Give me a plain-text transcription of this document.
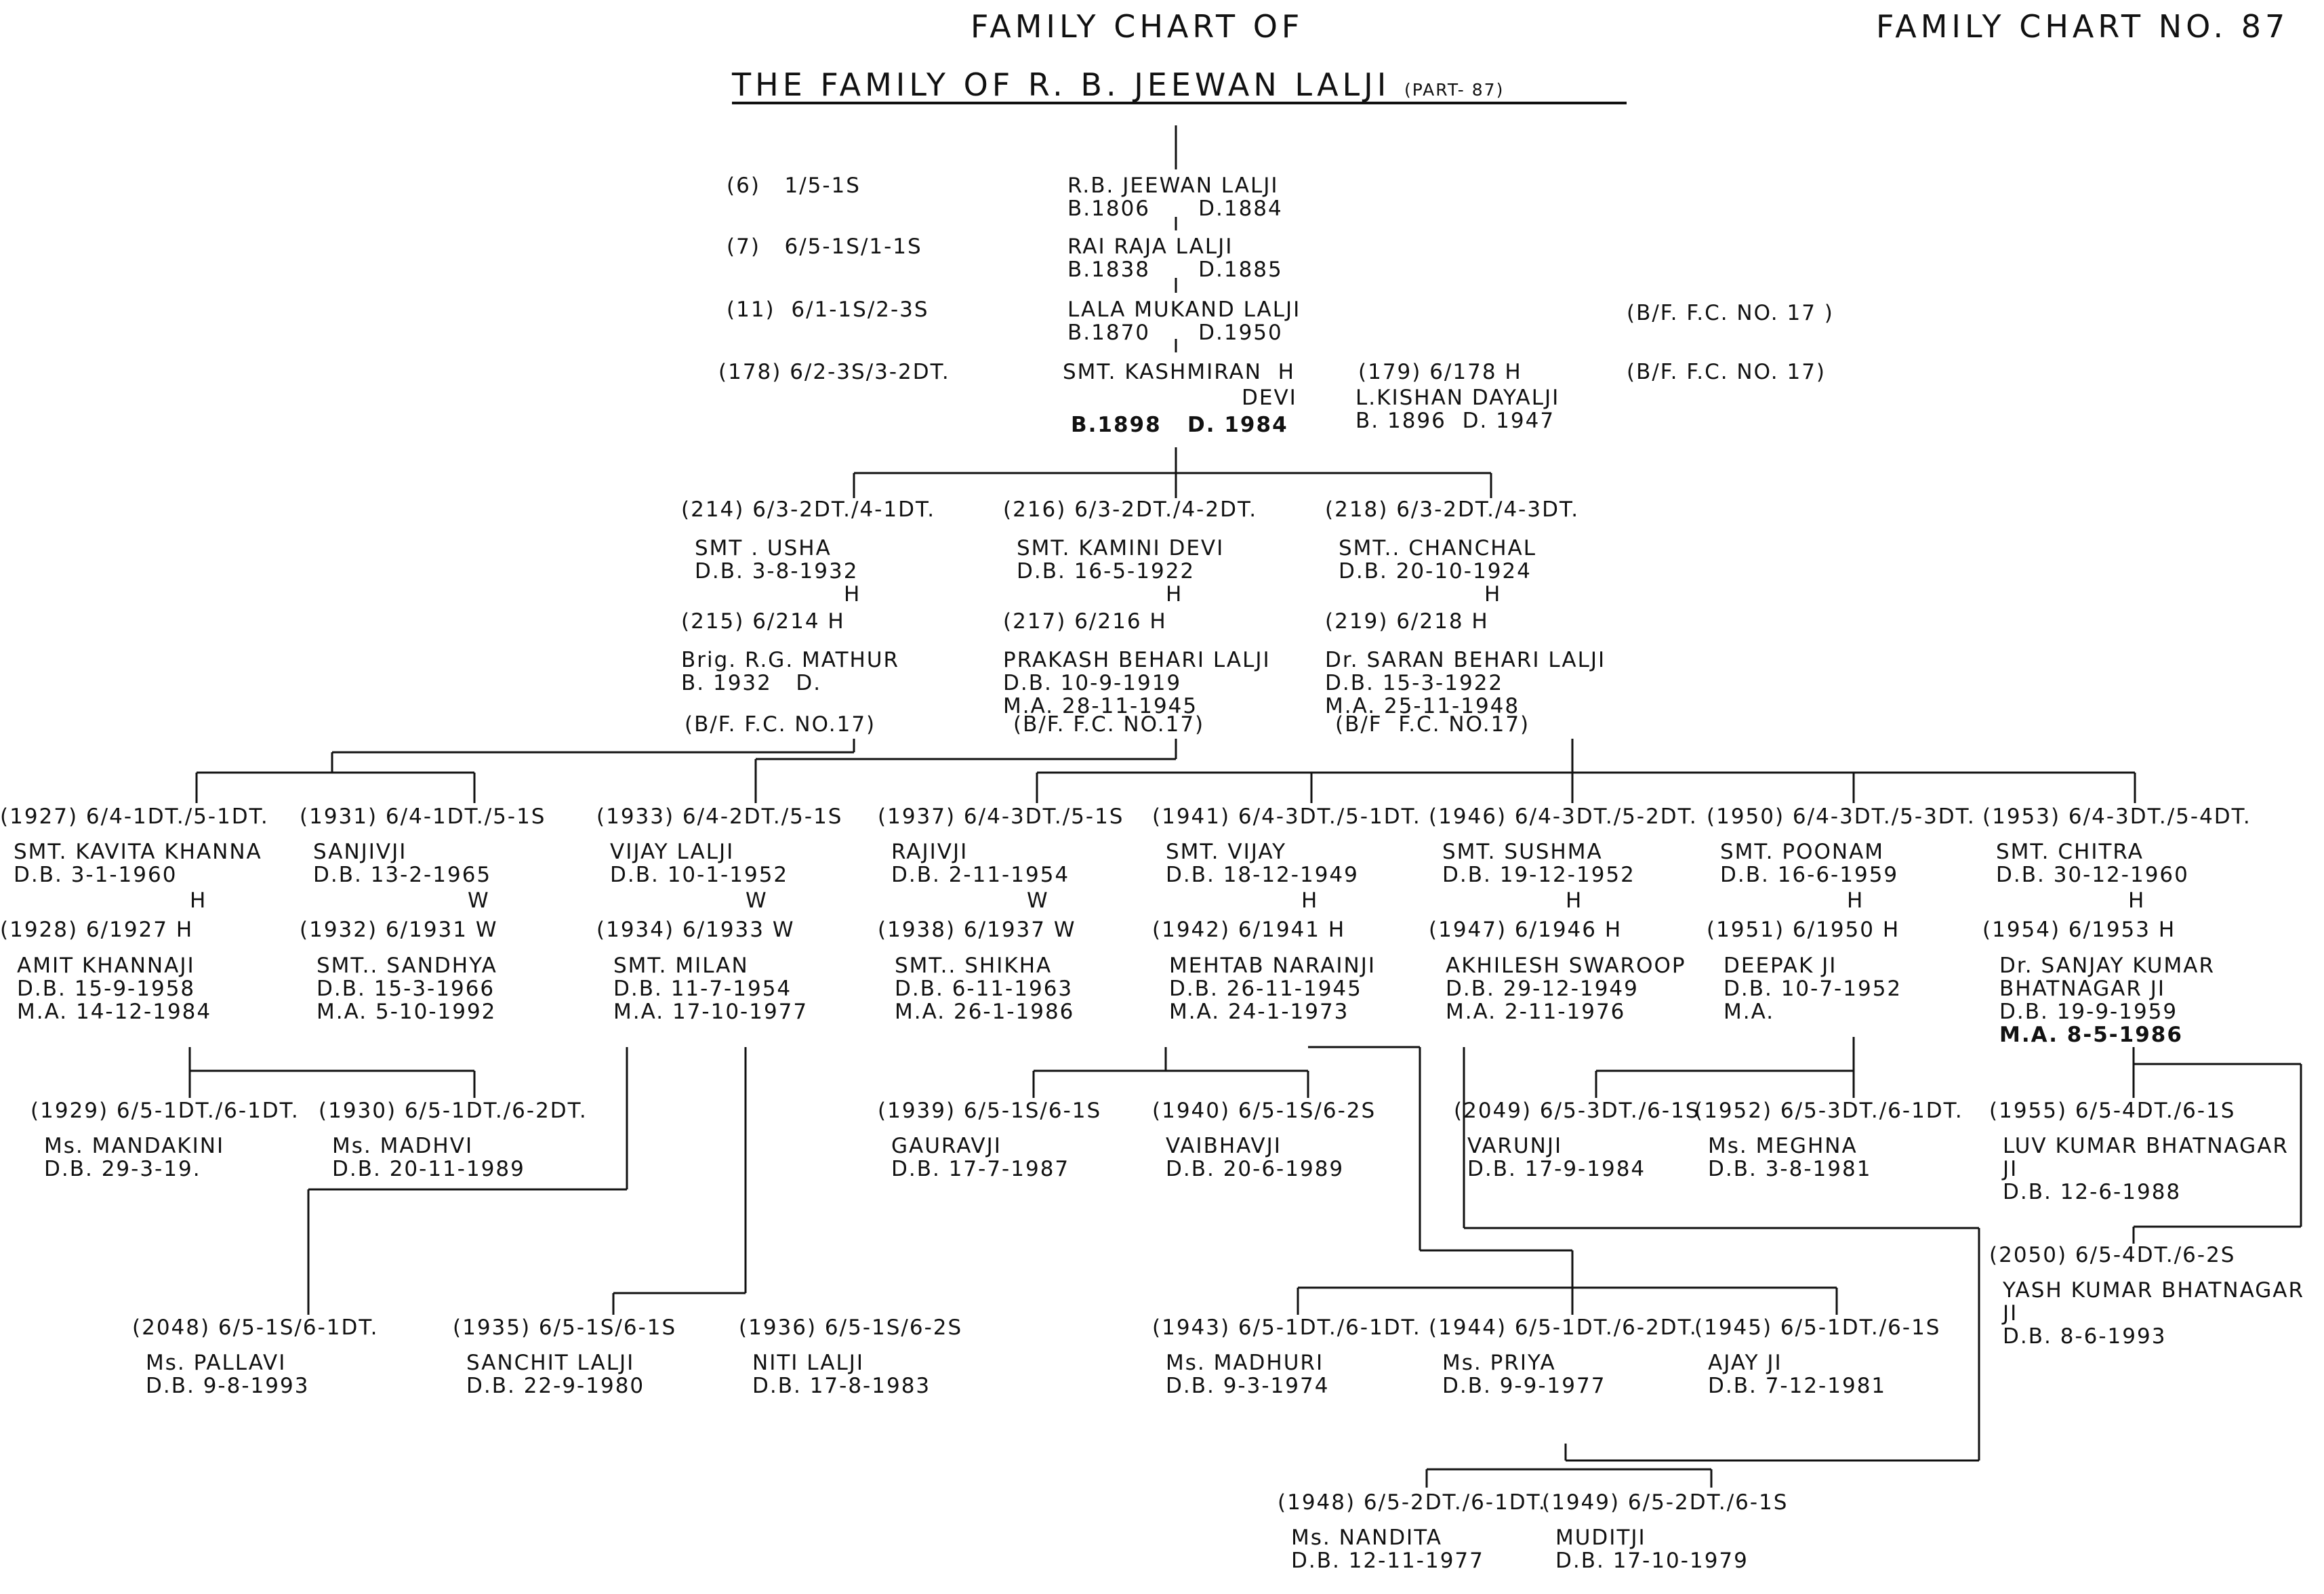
FAMILY CHART OF	FAMILY CHART NO. 87
THE FAMILY OF R. B. JEEWAN LALJI (PART- 87)
(6)   1/5-1S	R.B. JEEWAN LALJI
B.1806      D.1884
(7)   6/5-1S/1-1S	RAI RAJA LALJI
B.1838      D.1885
(11)  6/1-1S/2-3S	LALA MUKAND LALJI
B.1870      D.1950
(B/F. F.C. NO. 17 )
(178) 6/2-3S/3-2DT.	SMT. KASHMIRAN H
DEVI
B.1898   D. 1984
(179) 6/178 H
L.KISHAN DAYALJI
B. 1896  D. 1947
(B/F. F.C. NO. 17)
(214) 6/3-2DT./4-1DT.
SMT . USHA
D.B. 3-8-1932
(215) 6/214 H
Brig. R.G. MATHUR
B. 1932   D.
(B/F. F.C. NO.17)
(216) 6/3-2DT./4-2DT.
SMT. KAMINI DEVI
D.B. 16-5-1922
(217) 6/216 H
PRAKASH BEHARI LALJI
D.B. 10-9-1919
M.A. 28-11-1945
(B/F. F.C. NO.17)
(218) 6/3-2DT./4-3DT.
SMT.. CHANCHAL
D.B. 20-10-1924
(219) 6/218 H
Dr. SARAN BEHARI LALJI
D.B. 15-3-1922
M.A. 25-11-1948
(B/F  F.C. NO.17)
(1927) 6/4-1DT./5-1DT.
SMT. KAVITA KHANNA
D.B. 3-1-1960
(1928) 6/1927 H
AMIT KHANNAJI
D.B. 15-9-1958
M.A. 14-12-1984
(1931) 6/4-1DT./5-1S
SANJIVJI
D.B. 13-2-1965
(1932) 6/1931 W
SMT.. SANDHYA
D.B. 15-3-1966
M.A. 5-10-1992
(1933) 6/4-2DT./5-1S
VIJAY LALJI
D.B. 10-1-1952
(1934) 6/1933 W
SMT. MILAN
D.B. 11-7-1954
M.A. 17-10-1977
(1937) 6/4-3DT./5-1S
RAJIVJI
D.B. 2-11-1954
(1938) 6/1937 W
SMT.. SHIKHA
D.B. 6-11-1963
M.A. 26-1-1986
(1941) 6/4-3DT./5-1DT.
SMT. VIJAY
D.B. 18-12-1949
(1942) 6/1941 H
MEHTAB NARAINJI
D.B. 26-11-1945
M.A. 24-1-1973
(1946) 6/4-3DT./5-2DT.
SMT. SUSHMA
D.B. 19-12-1952
(1947) 6/1946 H
AKHILESH SWAROOP
D.B. 29-12-1949
M.A. 2-11-1976
(1950) 6/4-3DT./5-3DT.
SMT. POONAM
D.B. 16-6-1959
(1951) 6/1950 H
DEEPAK JI
D.B. 10-7-1952
M.A.
(1953) 6/4-3DT./5-4DT.
SMT. CHITRA
D.B. 30-12-1960
(1954) 6/1953 H
Dr. SANJAY KUMAR
BHATNAGAR JI
D.B. 19-9-1959
M.A. 8-5-1986
(1929) 6/5-1DT./6-1DT.
Ms. MANDAKINI
D.B. 29-3-19.
(1930) 6/5-1DT./6-2DT.
Ms. MADHVI
D.B. 20-11-1989
(1939) 6/5-1S/6-1S
GAURAVJI
D.B. 17-7-1987
(1940) 6/5-1S/6-2S
VAIBHAVJI
D.B. 20-6-1989
(2049) 6/5-3DT./6-1S
VARUNJI
D.B. 17-9-1984
(1952) 6/5-3DT./6-1DT.
Ms. MEGHNA
D.B. 3-8-1981
(1955) 6/5-4DT./6-1S
LUV KUMAR BHATNAGAR
JI
D.B. 12-6-1988
(2050) 6/5-4DT./6-2S
YASH KUMAR BHATNAGAR
JI
D.B. 8-6-1993
(2048) 6/5-1S/6-1DT.
Ms. PALLAVI
D.B. 9-8-1993
(1935) 6/5-1S/6-1S
SANCHIT LALJI
D.B. 22-9-1980
(1936) 6/5-1S/6-2S
NITI LALJI
D.B. 17-8-1983
(1943) 6/5-1DT./6-1DT.
Ms. MADHURI
D.B. 9-3-1974
(1944) 6/5-1DT./6-2DT.
Ms. PRIYA
D.B. 9-9-1977
(1945) 6/5-1DT./6-1S
AJAY JI
D.B. 7-12-1981
(1948) 6/5-2DT./6-1DT.
Ms. NANDITA
D.B. 12-11-1977
(1949) 6/5-2DT./6-1S
MUDITJI
D.B. 17-10-1979
H	H	H
H	W	W	W	H	H	H	H
